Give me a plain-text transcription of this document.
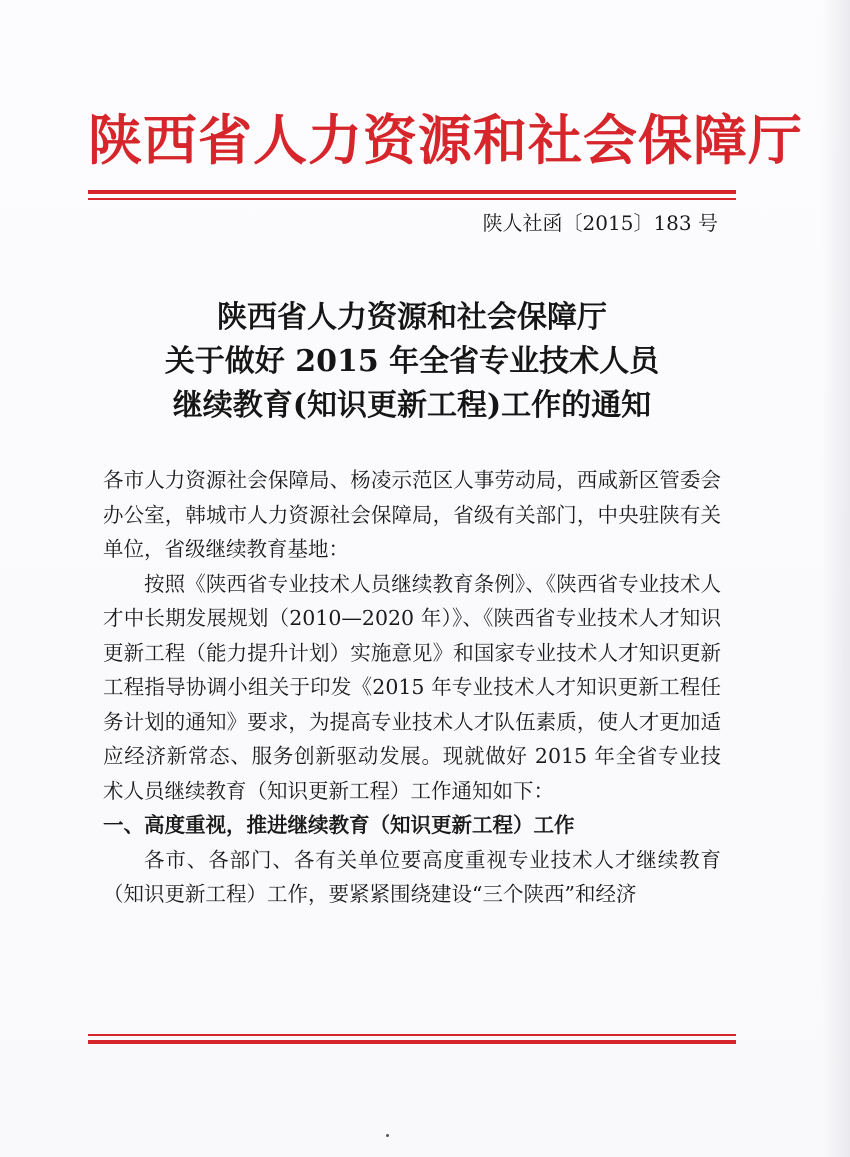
陕西省人力资源和社会保障厅
陕人社函〔2015〕183 号
陕西省人力资源和社会保障厅
关于做好 2015 年全省专业技术人员
继续教育(知识更新工程)工作的通知

各市人力资源社会保障局、杨凌示范区人事劳动局，西咸新区管委会办公室，韩城市人力资源社会保障局，省级有关部门，中央驻陕有关单位，省级继续教育基地：

按照《陕西省专业技术人员继续教育条例》、《陕西省专业技术人才中长期发展规划（2010—2020 年）》、《陕西省专业技术人才知识更新工程（能力提升计划）实施意见》和国家专业技术人才知识更新工程指导协调小组关于印发《2015 年专业技术人才知识更新工程任务计划的通知》要求，为提高专业技术人才队伍素质，使人才更加适应经济新常态、服务创新驱动发展。现就做好 2015 年全省专业技术人员继续教育（知识更新工程）工作通知如下：

一、高度重视，推进继续教育（知识更新工程）工作

各市、各部门、各有关单位要高度重视专业技术人才继续教育（知识更新工程）工作，要紧紧围绕建设“三个陕西”和经济
